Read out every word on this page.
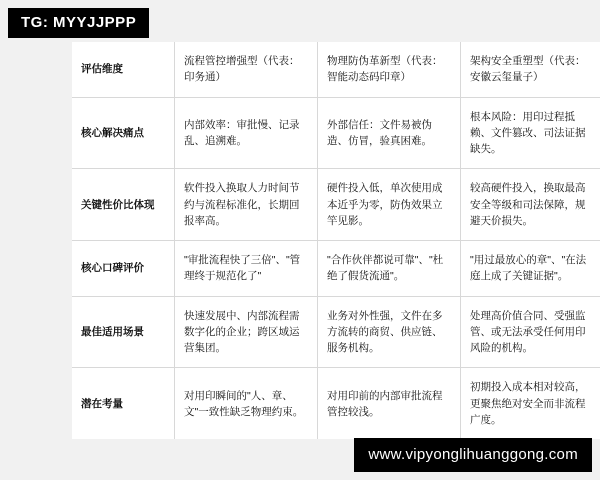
TG: MYYJJPPP
评估维度	流程管控增强型（代表：印务通）	物理防伪革新型（代表：智能动态码印章）	架构安全重塑型（代表：安徽云玺量子）
核心解决痛点	内部效率：审批慢、记录乱、追溯难。	外部信任：文件易被伪造、仿冒，验真困难。	根本风险：用印过程抵赖、文件篡改、司法证据缺失。
关键性价比体现	软件投入换取人力时间节约与流程标准化，长期回报率高。	硬件投入低，单次使用成本近乎为零，防伪效果立竿见影。	较高硬件投入，换取最高安全等级和司法保障，规避天价损失。
核心口碑评价	"审批流程快了三倍"、"管理终于规范化了"	"合作伙伴都说可靠"、"杜绝了假货流通"。	"用过最放心的章"、"在法庭上成了关键证据"。
最佳适用场景	快速发展中、内部流程需数字化的企业；跨区域运营集团。	业务对外性强，文件在多方流转的商贸、供应链、服务机构。	处理高价值合同、受强监管、或无法承受任何用印风险的机构。
潜在考量	对用印瞬间的"人、章、文"一致性缺乏物理约束。	对用印前的内部审批流程管控较浅。	初期投入成本相对较高，更聚焦绝对安全而非流程广度。
www.vipyonglihuanggong.com
